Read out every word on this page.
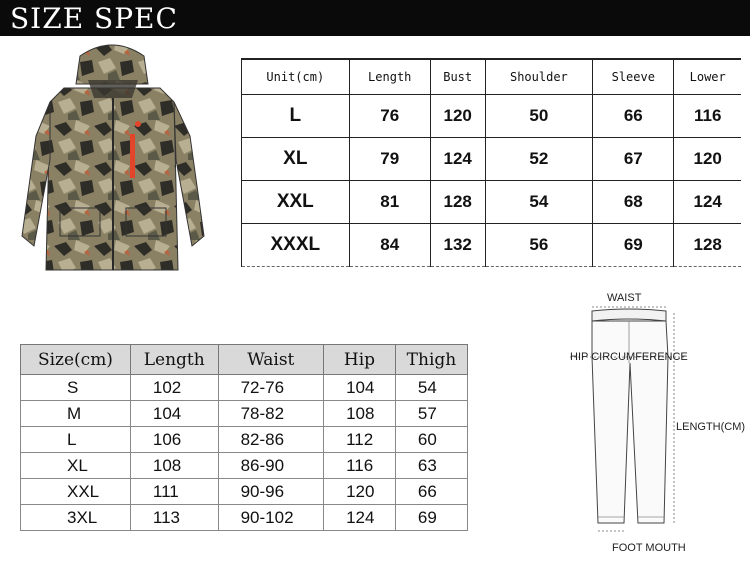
SIZE SPEC
Unit(cm)	Length	Bust	Shoulder	Sleeve	Lower
L	76	120	50	66	116
XL	79	124	52	67	120
XXL	81	128	54	68	124
XXXL	84	132	56	69	128
Size(cm)	Length	Waist	Hip	Thigh
S	102	72-76	104	54
M	104	78-82	108	57
L	106	82-86	112	60
XL	108	86-90	116	63
XXL	111	90-96	120	66
3XL	113	90-102	124	69
WAIST
HIP CIRCUMFERENCE
LENGTH(CM)
FOOT MOUTH
